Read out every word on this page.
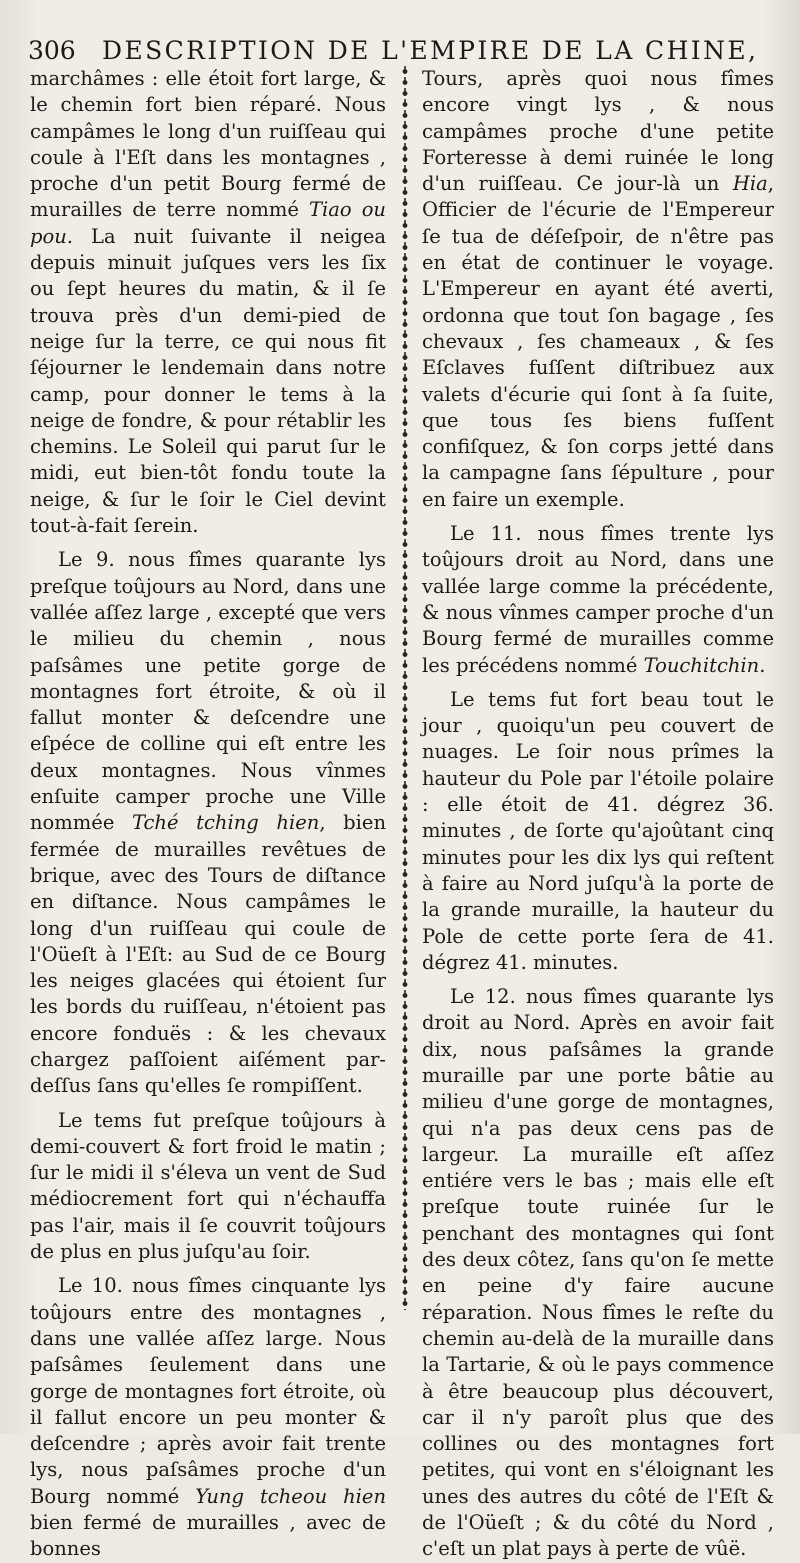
306 DESCRIPTION DE L'EMPIRE DE LA CHINE,

marchâmes : elle étoit fort large, & le chemin fort bien réparé. Nous campâmes le long d'un ruiſſeau qui coule à l'Eſt dans les montagnes , proche d'un petit Bourg fermé de murailles de terre nommé Tiao ou pou. La nuit ſuivante il neigea depuis minuit juſques vers les ſix ou ſept heures du matin, & il ſe trouva près d'un demi-pied de neige ſur la terre, ce qui nous fit ſéjourner le lendemain dans notre camp, pour donner le tems à la neige de fondre, & pour rétablir les chemins. Le Soleil qui parut ſur le midi, eut bien-tôt fondu toute la neige, & ſur le ſoir le Ciel devint tout-à-fait ſerein.

Le 9. nous fîmes quarante lys preſque toûjours au Nord, dans une vallée aſſez large , excepté que vers le milieu du chemin , nous paſsâmes une petite gorge de montagnes fort étroite, & où il fallut monter & deſcendre une eſpéce de colline qui eſt entre les deux montagnes. Nous vînmes enſuite camper proche une Ville nommée Tché tching hien, bien fermée de murailles revêtues de brique, avec des Tours de diſtance en diſtance. Nous campâmes le long d'un ruiſſeau qui coule de l'Oüeſt à l'Eſt: au Sud de ce Bourg les neiges glacées qui étoient ſur les bords du ruiſſeau, n'étoient pas encore fonduës : & les chevaux chargez paſſoient aiſément par-deſſus ſans qu'elles ſe rompiſſent.

Le tems fut preſque toûjours à demi-couvert & fort froid le matin ; ſur le midi il s'éleva un vent de Sud médiocrement fort qui n'échauffa pas l'air, mais il ſe couvrit toûjours de plus en plus juſqu'au ſoir.

Le 10. nous fîmes cinquante lys toûjours entre des montagnes , dans une vallée aſſez large. Nous paſsâmes ſeulement dans une gorge de montagnes fort étroite, où il fallut encore un peu monter & deſcendre ; après avoir fait trente lys, nous paſsâmes proche d'un Bourg nommé Yung tcheou hien bien fermé de murailles , avec de bonnes

Tours, après quoi nous fîmes encore vingt lys , & nous campâmes proche d'une petite Forteresse à demi ruinée le long d'un ruiſſeau. Ce jour-là un Hia, Officier de l'écurie de l'Empereur ſe tua de déſeſpoir, de n'être pas en état de continuer le voyage. L'Empereur en ayant été averti, ordonna que tout ſon bagage , ſes chevaux , ſes chameaux , & ſes Eſclaves fuſſent diſtribuez aux valets d'écurie qui ſont à ſa ſuite, que tous ſes biens fuſſent confiſquez, & ſon corps jetté dans la campagne ſans ſépulture , pour en faire un exemple.

Le 11. nous fîmes trente lys toûjours droit au Nord, dans une vallée large comme la précédente, & nous vînmes camper proche d'un Bourg fermé de murailles comme les précédens nommé Touchitchin.

Le tems fut fort beau tout le jour , quoiqu'un peu couvert de nuages. Le ſoir nous prîmes la hauteur du Pole par l'étoile polaire : elle étoit de 41. dégrez 36. minutes , de ſorte qu'ajoûtant cinq minutes pour les dix lys qui reſtent à faire au Nord juſqu'à la porte de la grande muraille, la hauteur du Pole de cette porte ſera de 41. dégrez 41. minutes.

Le 12. nous fîmes quarante lys droit au Nord. Après en avoir fait dix, nous paſsâmes la grande muraille par une porte bâtie au milieu d'une gorge de montagnes, qui n'a pas deux cens pas de largeur. La muraille eſt aſſez entiére vers le bas ; mais elle eſt preſque toute ruinée ſur le penchant des montagnes qui ſont des deux côtez, ſans qu'on ſe mette en peine d'y faire aucune réparation. Nous fîmes le reſte du chemin au-delà de la muraille dans la Tartarie, & où le pays commence à être beaucoup plus découvert, car il n'y paroît plus que des collines ou des montagnes fort petites, qui vont en s'éloignant les unes des autres du côté de l'Eſt & de l'Oüeſt ; & du côté du Nord , c'eſt un plat pays à perte de vûë.
